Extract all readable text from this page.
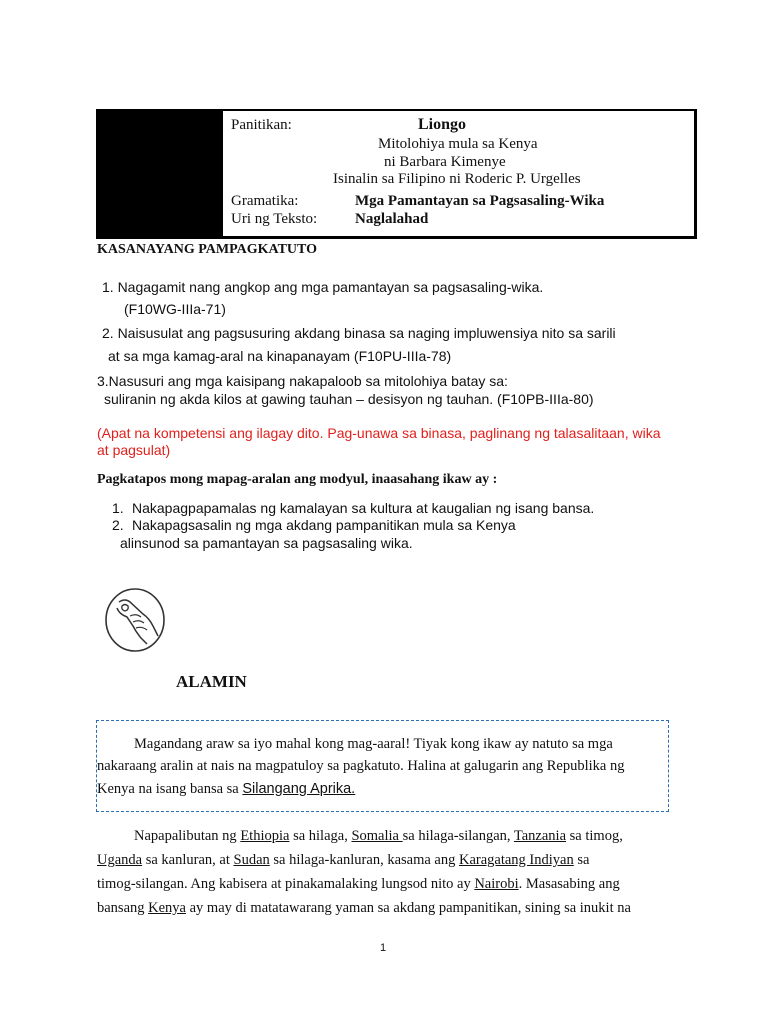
Panitikan:	Liongo
Mitolohiya mula sa Kenya
ni Barbara Kimenye
Isinalin sa Filipino ni Roderic P. Urgelles
Gramatika:	Mga Pamantayan sa Pagsasaling-Wika
Uri ng Teksto:	Naglalahad
KASANAYANG PAMPAGKATUTO
1. Nagagamit nang angkop ang mga pamantayan sa pagsasaling-wika.
(F10WG-IIIa-71)
2. Naisusulat ang pagsusuring akdang binasa sa naging impluwensiya nito sa sarili
at sa mga kamag-aral na kinapanayam (F10PU-IIIa-78)
3.Nasusuri ang mga kaisipang nakapaloob sa mitolohiya batay sa:
suliranin ng akda kilos at gawing tauhan – desisyon ng tauhan. (F10PB-IIIa-80)
(Apat na kompetensi ang ilagay dito. Pag-unawa sa binasa, paglinang ng talasalitaan, wika
at pagsulat)
Pagkatapos mong mapag-aralan ang modyul, inaasahang ikaw ay :
1. Nakapagpapamalas ng kamalayan sa kultura at kaugalian ng isang bansa.
2. Nakapagsasalin ng mga akdang pampanitikan mula sa Kenya
alinsunod sa pamantayan sa pagsasaling wika.
ALAMIN
Magandang araw sa iyo mahal kong mag-aaral! Tiyak kong ikaw ay natuto sa mga
nakaraang aralin at nais na magpatuloy sa pagkatuto. Halina at galugarin ang Republika ng
Kenya na isang bansa sa Silangang Aprika.
Napapalibutan ng Ethiopia sa hilaga, Somalia sa hilaga-silangan, Tanzania sa timog,
Uganda sa kanluran, at Sudan sa hilaga-kanluran, kasama ang Karagatang Indiyan sa
timog-silangan. Ang kabisera at pinakamalaking lungsod nito ay Nairobi. Masasabing ang
bansang Kenya ay may di matatawarang yaman sa akdang pampanitikan, sining sa inukit na
1
